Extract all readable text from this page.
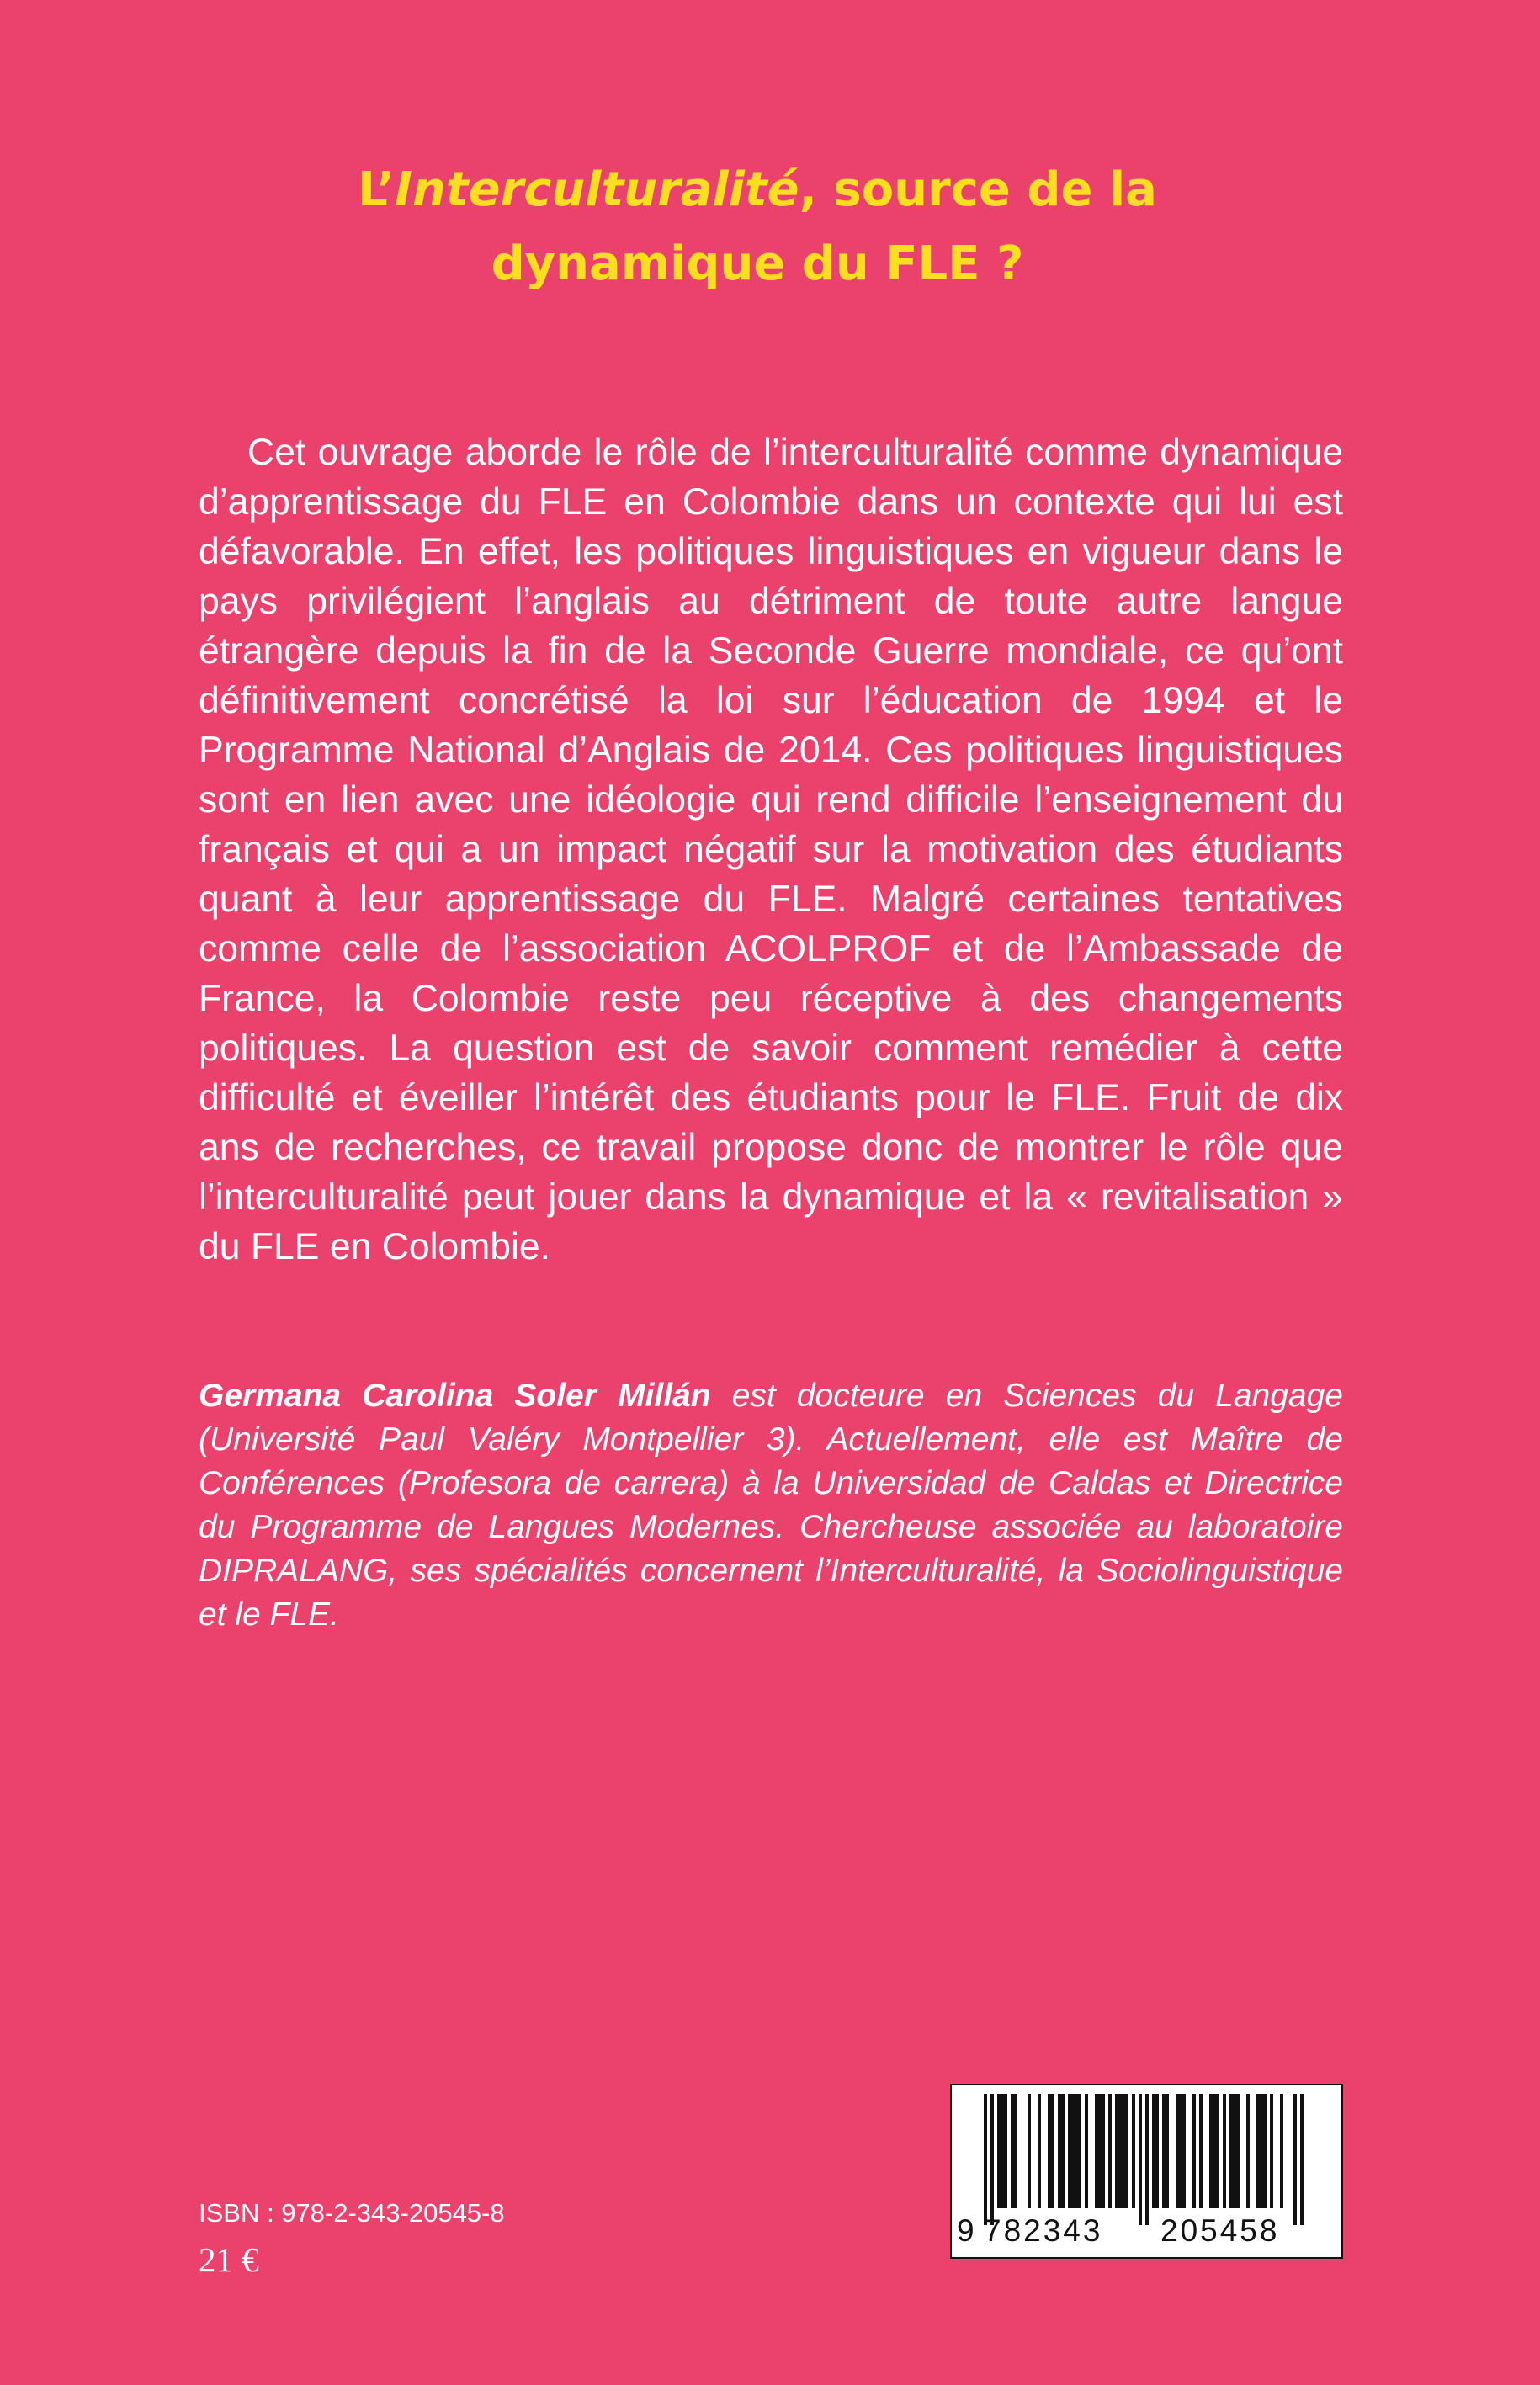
L’Interculturalité, source de la
dynamique du FLE ?

Cet ouvrage aborde le rôle de l’interculturalité comme dynamique d’apprentissage du FLE en Colombie dans un contexte qui lui est défavorable. En effet, les politiques linguistiques en vigueur dans le pays privilégient l’anglais au détriment de toute autre langue étrangère depuis la fin de la Seconde Guerre mondiale, ce qu’ont définitivement concrétisé la loi sur l’éducation de 1994 et le Programme National d’Anglais de 2014. Ces politiques linguistiques sont en lien avec une idéologie qui rend difficile l’enseignement du français et qui a un impact négatif sur la motivation des étudiants quant à leur apprentissage du FLE. Malgré certaines tentatives comme celle de l’association ACOLPROF et de l’Ambassade de France, la Colombie reste peu réceptive à des changements politiques. La question est de savoir comment remédier à cette difficulté et éveiller l’intérêt des étudiants pour le FLE. Fruit de dix ans de recherches, ce travail propose donc de montrer le rôle que l’interculturalité peut jouer dans la dynamique et la « revitalisation » du FLE en Colombie.

Germana Carolina Soler Millán est docteure en Sciences du Langage (Université Paul Valéry Montpellier 3). Actuellement, elle est Maître de Conférences (Profesora de carrera) à la Universidad de Caldas et Directrice du Programme de Langues Modernes. Chercheuse associée au laboratoire DIPRALANG, ses spécialités concernent l’Interculturalité, la Sociolinguistique et le FLE.

ISBN : 978-2-343-20545-8
21 €
9 782343 205458
